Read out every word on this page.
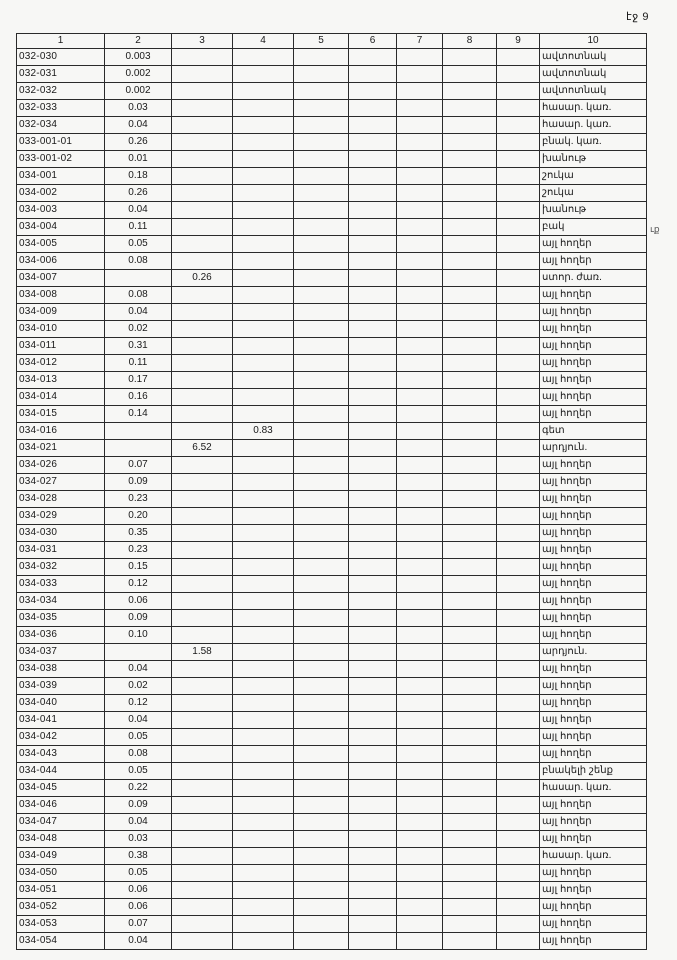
էջ 9
ւք
1	2	3	4	5	6	7	8	9	10
032-030	0.003								ավտոտնակ
032-031	0.002								ավտոտնակ
032-032	0.002								ավտոտնակ
032-033	0.03								հասար. կառ.
032-034	0.04								հասար. կառ.
033-001-01	0.26								բնակ. կառ.
033-001-02	0.01								խանութ
034-001	0.18								շուկա
034-002	0.26								շուկա
034-003	0.04								խանութ
034-004	0.11								բակ
034-005	0.05								այլ հողեր
034-006	0.08								այլ հողեր
034-007		0.26							ստոր. ժառ.
034-008	0.08								այլ հողեր
034-009	0.04								այլ հողեր
034-010	0.02								այլ հողեր
034-011	0.31								այլ հողեր
034-012	0.11								այլ հողեր
034-013	0.17								այլ հողեր
034-014	0.16								այլ հողեր
034-015	0.14								այլ հողեր
034-016			0.83						գետ
034-021		6.52							արդյուն.
034-026	0.07								այլ հողեր
034-027	0.09								այլ հողեր
034-028	0.23								այլ հողեր
034-029	0.20								այլ հողեր
034-030	0.35								այլ հողեր
034-031	0.23								այլ հողեր
034-032	0.15								այլ հողեր
034-033	0.12								այլ հողեր
034-034	0.06								այլ հողեր
034-035	0.09								այլ հողեր
034-036	0.10								այլ հողեր
034-037		1.58							արդյուն.
034-038	0.04								այլ հողեր
034-039	0.02								այլ հողեր
034-040	0.12								այլ հողեր
034-041	0.04								այլ հողեր
034-042	0.05								այլ հողեր
034-043	0.08								այլ հողեր
034-044	0.05								բնակելի շենք
034-045	0.22								հասար. կառ.
034-046	0.09								այլ հողեր
034-047	0.04								այլ հողեր
034-048	0.03								այլ հողեր
034-049	0.38								հասար. կառ.
034-050	0.05								այլ հողեր
034-051	0.06								այլ հողեր
034-052	0.06								այլ հողեր
034-053	0.07								այլ հողեր
034-054	0.04								այլ հողեր
